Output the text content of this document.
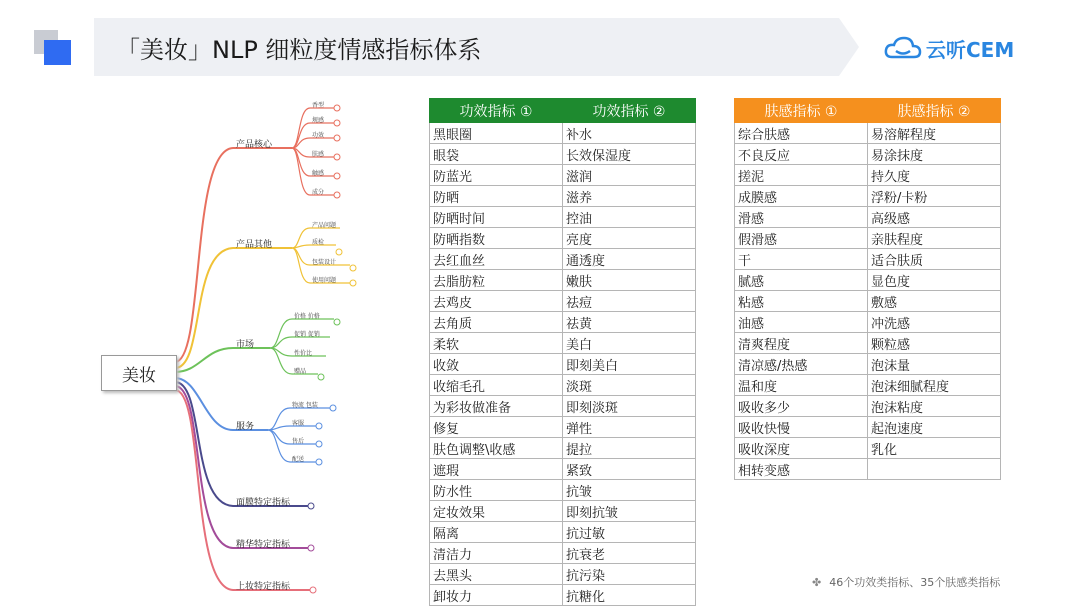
「美妆」NLP 细粒度情感指标体系	云听CEM
美妆
产品核心
产品其他
市场
服务
面膜特定指标
精华特定指标
上妆特定指标
香型
规感
功效
肤感
触感
成分
产品问题
质检
包装设计
使用问题
价格 价格
促销 促销
性价比
赠品
物流 包装
客服
售后
配送
功效指标 ①	功效指标 ②
黑眼圈	补水
眼袋	长效保湿度
防蓝光	滋润
防晒	滋养
防晒时间	控油
防晒指数	亮度
去红血丝	通透度
去脂肪粒	嫩肤
去鸡皮	祛痘
去角质	祛黄
柔软	美白
收敛	即刻美白
收缩毛孔	淡斑
为彩妆做准备	即刻淡斑
修复	弹性
肤色调整\收感	提拉
遮瑕	紧致
防水性	抗皱
定妆效果	即刻抗皱
隔离	抗过敏
清洁力	抗衰老
去黑头	抗污染
卸妆力	抗糖化
肤感指标 ①	肤感指标 ②
综合肤感	易溶解程度
不良反应	易涂抹度
搓泥	持久度
成膜感	浮粉/卡粉
滑感	高级感
假滑感	亲肤程度
干	适合肤质
腻感	显色度
粘感	敷感
油感	冲洗感
清爽程度	颗粒感
清凉感/热感	泡沫量
温和度	泡沫细腻程度
吸收多少	泡沫粘度
吸收快慢	起泡速度
吸收深度	乳化
相转变感	
✤ 46个功效类指标、35个肤感类指标
